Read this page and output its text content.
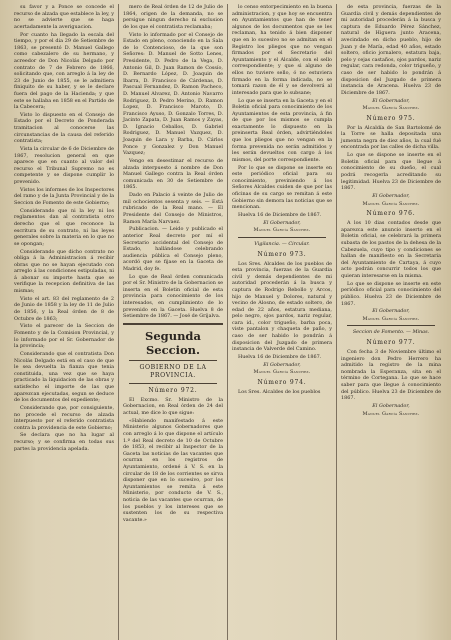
su favor y a Ponce se concede el recurso de alzada que establece la ley, y no se advierte que se haga acertadamente la averiguacion.

Por cuanto ha llegado la escala del tiempo, y por el dia 29 de Setiembre de 1863, se presentó D. Manuel Gallego como cabezalero de su hermano, y acreedor de Don Nicolás Delgado por contrato de 7 de Febrero de 1866, solicitando que, con arreglo á la ley de 23 de Junio de 1855, se le admitiera finiquito de su haber, y se le declare fuera del pago de la Hacienda; y que este se hallaba en 1858 en el Partido de la Cabecera;

Visto lo dispuesto en el Consejo de Estado por el Decreto de Ponderada tramitacion al conocerse las circunstancias de la causa del referido contratista;

Vista la circular de 6 de Diciembre de 1867, resolucion general en que aparece que en cuanto al valor del recurso el Tribunal Supremo no es competente y se dispone cumplir lo prevenido.

Vistos los informes de los Inspectores del ramo y de la Junta Provincial y de la Seccion de Fomento de este Gobierno;

Considerando que ni la ley ni los reglamentos dan al contratista otro derecho que el que reconoce la escritura de su contrato, ni las leyes generales sobre la materia en lo que no se opongan;

Considerando que dicho contrato no obliga á la Administracion á recibir obras que no se hayan ejecutado con arreglo á las condiciones estipuladas, ni á abonar su importe hasta que se verifique la recepcion definitiva de las mismas;

Visto el art. 83 del reglamento de 2 de Junio de 1858 y la ley de 11 de Julio de 1856, y la Real órden de 8 de Octubre de 1863;

Visto el parecer de la Seccion de Fomento y de la Comision Provincial, y lo informado por el Sr. Gobernador de la provincia;

Considerando que el contratista Don Nicolás Delgado está en el caso de que le sea devuelta la fianza que tenia constituida, una vez que se haya practicado la liquidacion de las obras y satisfecho el importe de las que aparezcan ejecutadas, segun se deduce de los documentos del expediente;

Considerando que, por consiguiente, no procede el recurso de alzada interpuesto por el referido contratista contra la providencia de este Gobierno;

Se declara que no ha lugar al recurso; y se confirma en todas sus partes la providencia apelada.

mero de Real órden de 12 de Julio de 1864, origen de la demanda, no se persigue ningun derecho ni exclusion de los que el contratista reclamaba;

Visto lo informado por el Consejo de Estado en pleno, conociendo en la Sala de lo Contencioso, de la que son Señores: D. Manuel de Sotto Lenes, Presidente, D. Pedro de la Vega, D. Antonio Gil, D. Juan Ramon de Cossío, D. Bernardo López, D. Joaquin de Ibarra, D. Francisco de Cárdenas, D. Pascual Fernandez, D. Ramon Pacheco, D. Manuel Alvarez, D. Antonio Navarro Rodriguez, D. Pedro Merino, D. Ramon Lopez, D. Francisco Maroto, D. Francisco Ayuso, D. Gonzalo Torres, D. Jacinto Zapata, D. Juan Ramos y Zayas, D. Ignacio Ceballos, D. Gabriel Rodriguez, D. Manuel Vazquez, D. Joaquin de Lara y Barba, D. Cárlos Ponce y Gonzalez y Don Manuel Vazquez;

Vengo en desestimar el recurso de alzada interpuesto á nombre de Don Manuel Gallego contra la Real órden comunicada en 30 de Setiembre de 1865.

Dado en Palacio á veinte de Julio de mil ochocientos sesenta y seis. — Está rubricado de la Real mano. — El Presidente del Consejo de Ministros, Ramon María Narvaez.

Publicacion. — Leido y publicado el anterior Real decreto por mí el Secretario accidental del Consejo de Estado, hallándose celebrando audiencia pública el Consejo pleno, acordó que se fijase en la Gaceta de Madrid, doy fe.

Lo que de Real órden comunicada por el Sr. Ministro de la Gobernacion se inserta en el Boletin oficial de esta provincia para conocimiento de los interesados, en cumplimiento de lo prevenido en la Gaceta. Huelva 8 de Setiembre de 1867. — José de Grijalva.

Segunda Seccion.
GOBIERNO DE LA PROVINCIA.

Número 972.

El Excmo. Sr. Ministro de la Gobernacion, en Real órden de 24 del actual, me dice lo que sigue:

«Habiendo manifestado á este Ministerio algunos Gobernadores que con arreglo á lo que dispone el artículo 1.º del Real decreto de 10 de Octubre de 1853, el recibir al Inspector de la Gaceta las noticias de las vacantes que ocurran en los registros de Ayuntamiento, ordené á V. S. en la circular de 18 de los corrientes se sirva disponer que en lo sucesivo, por los Ayuntamientos se remita á este Ministerio, por conducto de V. S., noticia de las vacantes que ocurran, de los pueblos y los intereses que se sustenten los de su respectiva vacante.»

lo censo entorpecimiento en la buena administracion, y que hoy se encuentra en Ayuntamientos que han de tener algunos de los documentos que se les reclaman, ha tenido á bien disponer que en lo sucesivo no se admitan en el Registro los pliegos que no vengan firmados por el Secretario del Ayuntamiento y el Alcalde, con el sello correspondiente; y que si alguno de ellos no tuviere sello, ó no estuviera firmado en la forma indicada, no se tomará razon de él y se devolverá al interesado para que lo subsane;

Lo que se inserta en la Gaceta y en el Boletin oficial para conocimiento de los Ayuntamientos de esta provincia, á fin de que por los mismos se cumpla exactamente lo dispuesto en la preinserta Real órden, advirtiéndoles que los pliegos que no vengan en la forma prevenida no serán admitidos y les serán devueltos con cargo á los mismos, del porte correspondiente.

Por lo que se dispone se inserte en este periódico oficial para su conocimiento, previniendo á los Señores Alcaldes cuiden de que por las oficinas de su cargo se remitan á este Gobierno sin demora las noticias que se mencionan.

Huelva 16 de Diciembre de 1867.

El Gobernador,

Manuel García Sanchez.

Vigilancia. — Circular.

Número 973.

Los Sres. Alcaldes de los pueblos de esta provincia, fuerzas de la Guardia civil y demás dependientes de mi autoridad procederán á la busca y captura de Rodrigo Rebollo y Arcos, hijo de Manuel y Dolores, natural y vecino de Alosno, de estado soltero, de edad de 22 años, estatura mediana, pelo negro, ojos pardos, nariz regular, cara id., color trigueño, barba poca, viste pantalon y chaqueta de paño, y caso de ser habido lo pondrán á disposicion del Juzgado de primera instancia de Valverde del Camino.

Huelva 16 de Diciembre de 1867.

El Gobernador,

Manuel García Sanchez.

Número 974.

Los Sres. Alcaldes de los pueblos

de esta provincia, fuerzas de la Guardia civil y demás dependientes de mi autoridad procederán á la busca y captura de Eduardo Pérez Sánchez, natural de Higuera junto Aracena, avecindado en dicho pueblo, hijo de Juan y de María, edad 40 años, estado soltero, oficio jornalero, estatura baja, pelo y cejas castaños, ojos pardos, nariz regular, cara redonda, color trigueño, y caso de ser habido lo pondrán á disposicion del Juzgado de primera instancia de Aracena. Huelva 23 de Diciembre de 1867.

El Gobernador,

Manuel García Sanchez.

Número 975.

Por la Alcaldía de San Bartolomé de la Torre se halla depositada una jumenta negra de diez años, la cual fué encontrada por las calles de dicha villa.

Lo que se dispone se inserte en el Boletin oficial para que llegue á conocimiento de su dueño, el cual podrá recogerla acreditando su legitimidad. Huelva 23 de Diciembre de 1867.

El Gobernador,

Manuel García Sanchez.

Número 976.

A los 10 dias contados desde que aparezca este anuncio inserto en el Boletin oficial, se celebrará la primera subasta de los pastos de la dehesa de la Cabezuela, cuyo tipo y condiciones se hallan de manifiesto en la Secretaria del Ayuntamiento de Cartaya, á cuyo acto podrán concurrir todos los que quieran interesarse en la misma.

Lo que se dispone se inserte en este periódico oficial para conocimiento del público. Huelva 23 de Diciembre de 1867.

El Gobernador,

Manuel García Sanchez.

Seccion de Fomento. — Minas.

Número 977.

Con fecha 3 de Noviembre último el ingeniero don Pedro Herrero ha admitido la registro de la mina nombrada la Esperanza, sita en el término de Cortegana. Lo que se hace saber para que llegue á conocimiento del público. Huelva 23 de Diciembre de 1867.

El Gobernador,

Manuel García Sanchez.
